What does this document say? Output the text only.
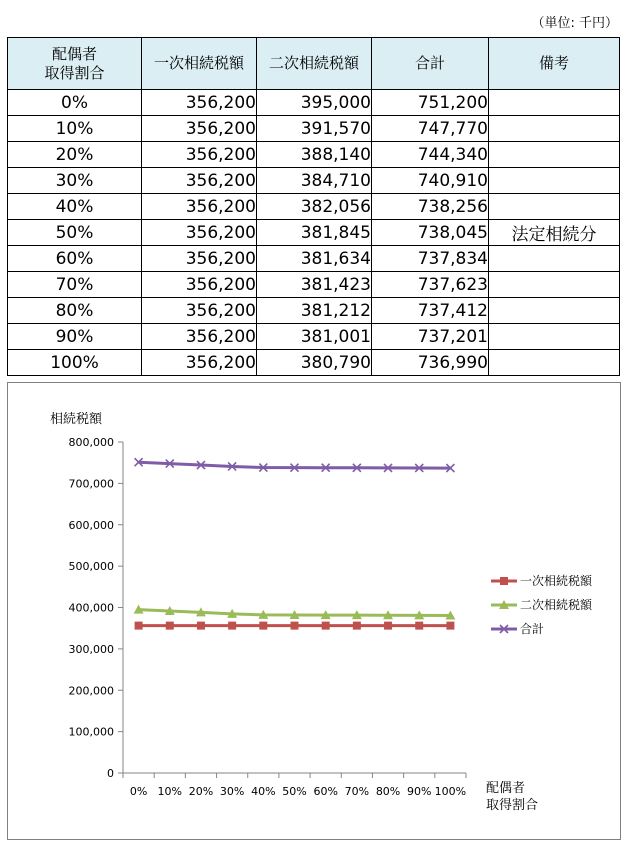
（単位: 千円）
配偶者
取得割合	一次相続税額	二次相続税額	合計	備考
0%	356,200	395,000	751,200	
10%	356,200	391,570	747,770	
20%	356,200	388,140	744,340	
30%	356,200	384,710	740,910	
40%	356,200	382,056	738,256	
50%	356,200	381,845	738,045	法定相続分
60%	356,200	381,634	737,834	
70%	356,200	381,423	737,623	
80%	356,200	381,212	737,412	
90%	356,200	381,001	737,201	
100%	356,200	380,790	736,990	
0
100,000
200,000
300,000
400,000
500,000
600,000
700,000
800,000
0% 10% 20% 30% 40% 50% 60% 70% 80% 90% 100%
相続税額
配偶者
取得割合
一次相続税額
二次相続税額
合計
